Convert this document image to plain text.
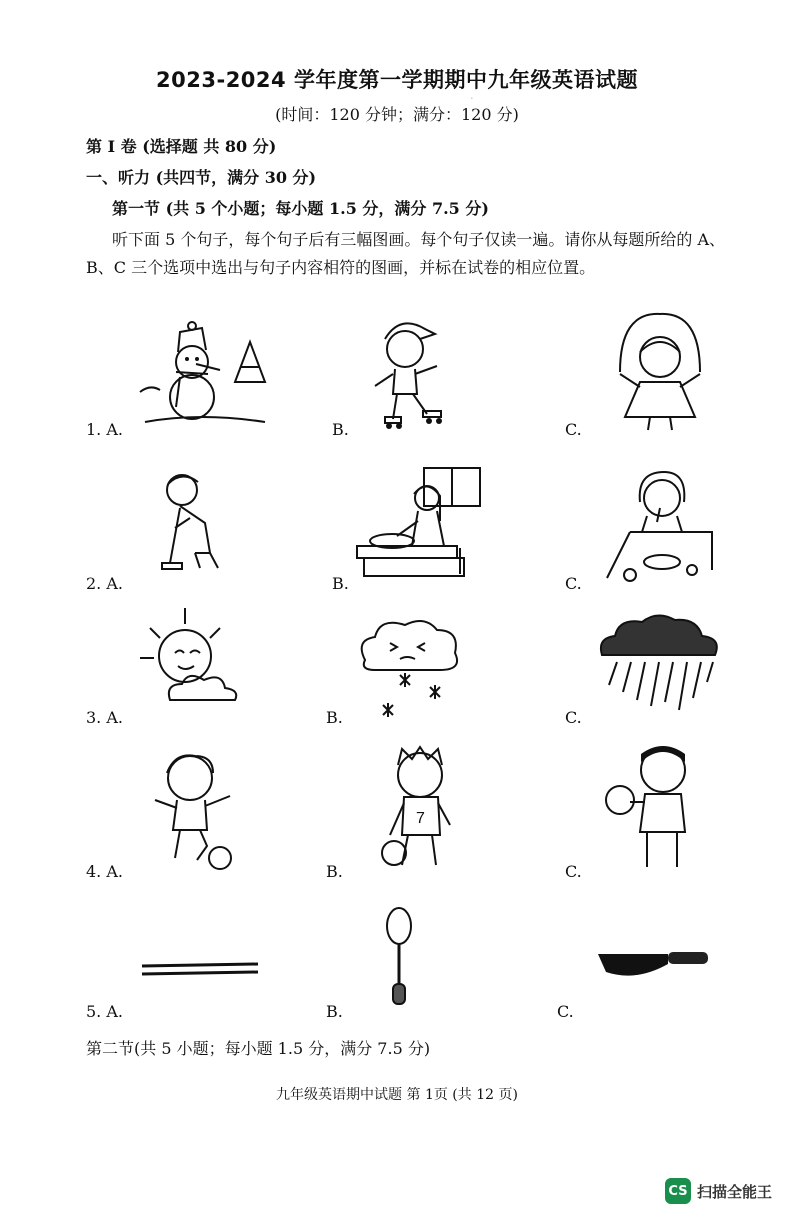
.
2023-2024 学年度第一学期期中九年级英语试题
(时间：120 分钟；满分：120 分)
第 I 卷 (选择题 共 80 分)
一、听力 (共四节，满分 30 分)
第一节 (共 5 个小题；每小题 1.5 分，满分 7.5 分)
听下面 5 个句子，每个句子后有三幅图画。每个句子仅读一遍。请你从每题所给的 A、
B、C 三个选项中选出与句子内容相符的图画，并标在试卷的相应位置。
1. A.	B.	C.
2. A.	B.	C.
3. A.	B.	C.
4. A.	B.	C.
7
5. A.	B.	C.
第二节(共 5 小题；每小题 1.5 分，满分 7.5 分)
九年级英语期中试题 第 1页 (共 12 页)
CS 扫描全能王
